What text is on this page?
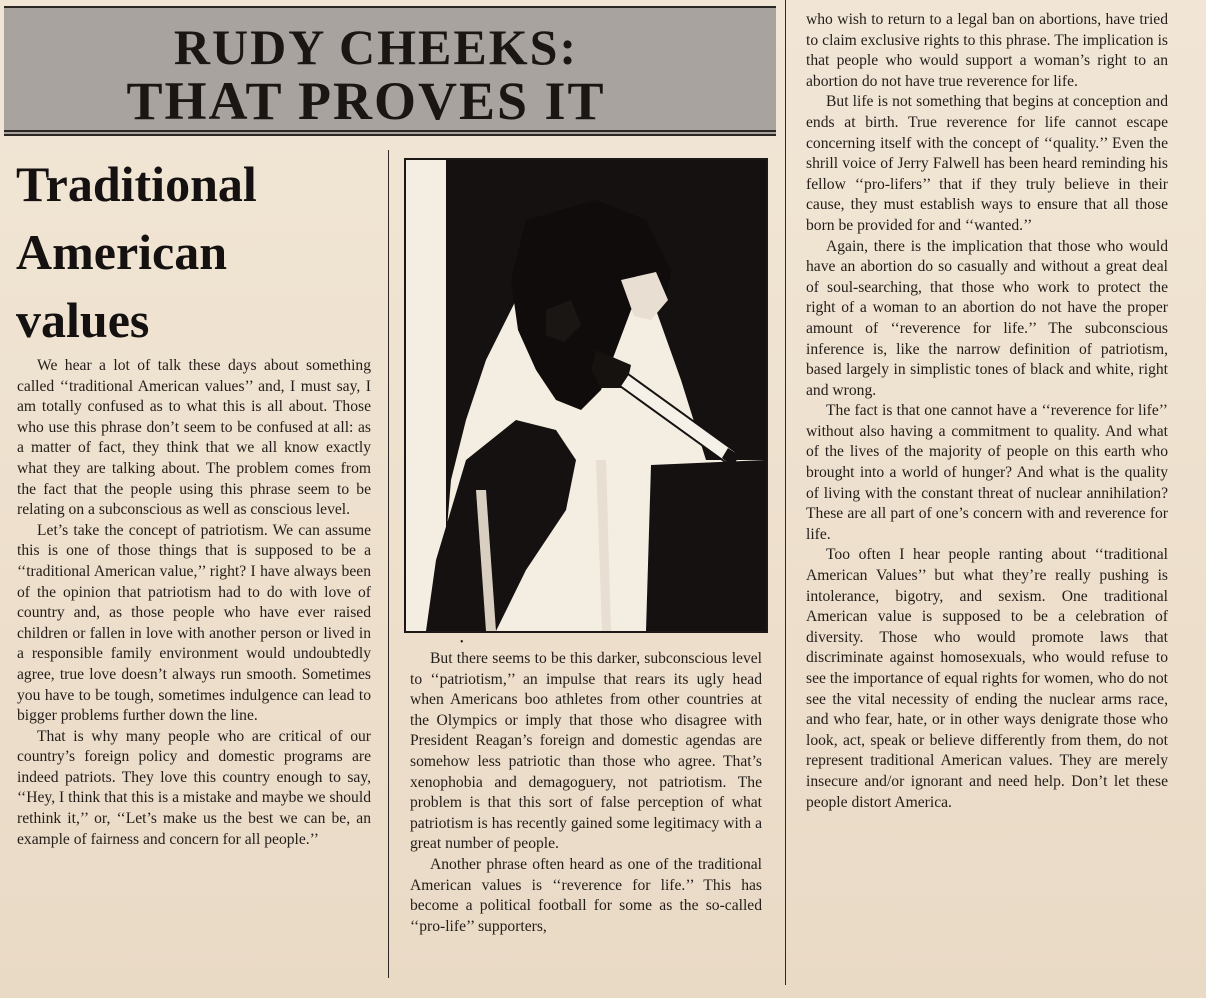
RUDY CHEEKS:
THAT PROVES IT
Traditional
American
values

We hear a lot of talk these days about something called ‘‘traditional American values’’ and, I must say, I am totally confused as to what this is all about. Those who use this phrase don’t seem to be confused at all: as a matter of fact, they think that we all know exactly what they are talking about. The problem comes from the fact that the people using this phrase seem to be relating on a subconscious as well as conscious level.

Let’s take the concept of patriotism. We can assume this is one of those things that is supposed to be a ‘‘traditional American value,’’ right? I have always been of the opinion that patriotism had to do with love of country and, as those people who have ever raised children or fallen in love with another person or lived in a responsible family environment would undoubtedly agree, true love doesn’t always run smooth. Sometimes you have to be tough, sometimes indulgence can lead to bigger problems further down the line.

That is why many people who are critical of our country’s foreign policy and domestic programs are indeed patriots. They love this country enough to say, ‘‘Hey, I think that this is a mistake and maybe we should rethink it,’’ or, ‘‘Let’s make us the best we can be, an example of fairness and concern for all people.’’

•

But there seems to be this darker, subconscious level to ‘‘patriotism,’’ an impulse that rears its ugly head when Americans boo athletes from other countries at the Olympics or imply that those who disagree with President Reagan’s foreign and domestic agendas are somehow less patriotic than those who agree. That’s xenophobia and demagoguery, not patriotism. The problem is that this sort of false perception of what patriotism is has recently gained some legitimacy with a great number of people.

Another phrase often heard as one of the traditional American values is ‘‘reverence for life.’’ This has become a political football for some as the so-called ‘‘pro-life’’ supporters,

who wish to return to a legal ban on abortions, have tried to claim exclusive rights to this phrase. The implication is that people who would support a woman’s right to an abortion do not have true reverence for life.

But life is not something that begins at conception and ends at birth. True reverence for life cannot escape concerning itself with the concept of ‘‘quality.’’ Even the shrill voice of Jerry Falwell has been heard reminding his fellow ‘‘pro-lifers’’ that if they truly believe in their cause, they must establish ways to ensure that all those born be provided for and ‘‘wanted.’’

Again, there is the implication that those who would have an abortion do so casually and without a great deal of soul-searching, that those who work to protect the right of a woman to an abortion do not have the proper amount of ‘‘reverence for life.’’ The subconscious inference is, like the narrow definition of patriotism, based largely in simplistic tones of black and white, right and wrong.

The fact is that one cannot have a ‘‘reverence for life’’ without also having a commitment to quality. And what of the lives of the majority of people on this earth who brought into a world of hunger? And what is the quality of living with the constant threat of nuclear annihilation? These are all part of one’s concern with and reverence for life.

Too often I hear people ranting about ‘‘traditional American Values’’ but what they’re really pushing is intolerance, bigotry, and sexism. One traditional American value is supposed to be a celebration of diversity. Those who would promote laws that discriminate against homosexuals, who would refuse to see the importance of equal rights for women, who do not see the vital necessity of ending the nuclear arms race, and who fear, hate, or in other ways denigrate those who look, act, speak or believe differently from them, do not represent traditional American values. They are merely insecure and/or ignorant and need help. Don’t let these people distort America.
